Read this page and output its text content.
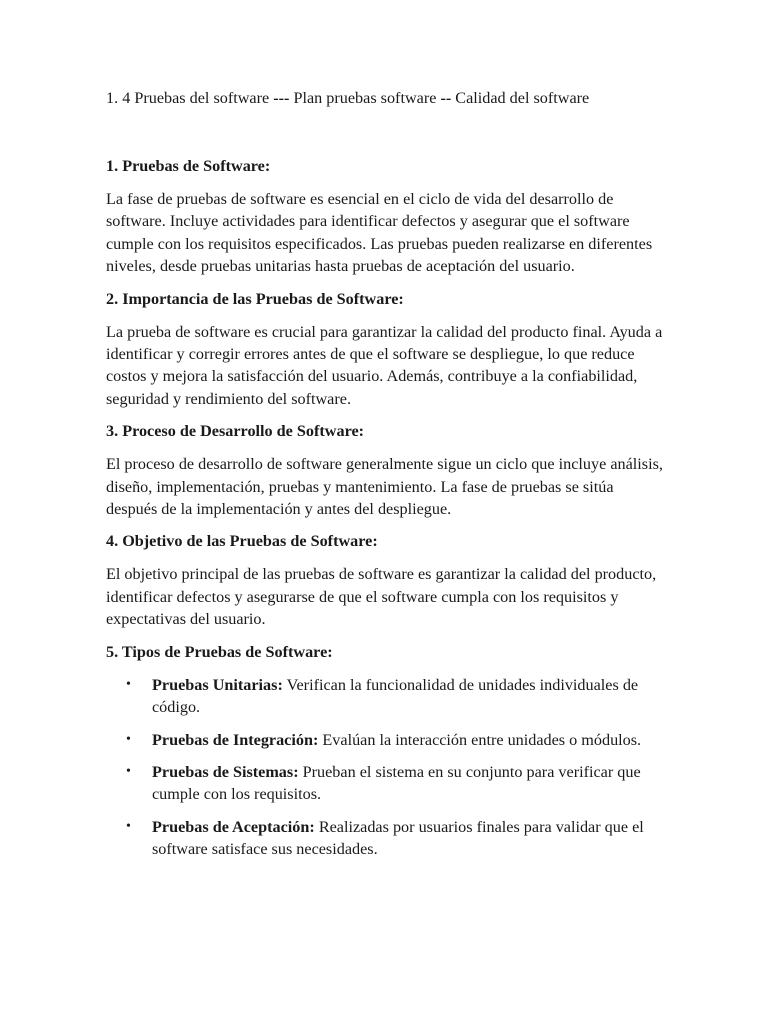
1. 4 Pruebas del software --- Plan pruebas software -- Calidad del software

1. Pruebas de Software:

La fase de pruebas de software es esencial en el ciclo de vida del desarrollo de software. Incluye actividades para identificar defectos y asegurar que el software cumple con los requisitos especificados. Las pruebas pueden realizarse en diferentes niveles, desde pruebas unitarias hasta pruebas de aceptación del usuario.

2. Importancia de las Pruebas de Software:

La prueba de software es crucial para garantizar la calidad del producto final. Ayuda a identificar y corregir errores antes de que el software se despliegue, lo que reduce costos y mejora la satisfacción del usuario. Además, contribuye a la confiabilidad, seguridad y rendimiento del software.

3. Proceso de Desarrollo de Software:

El proceso de desarrollo de software generalmente sigue un ciclo que incluye análisis, diseño, implementación, pruebas y mantenimiento. La fase de pruebas se sitúa después de la implementación y antes del despliegue.

4. Objetivo de las Pruebas de Software:

El objetivo principal de las pruebas de software es garantizar la calidad del producto, identificar defectos y asegurarse de que el software cumpla con los requisitos y expectativas del usuario.

5. Tipos de Pruebas de Software:
• Pruebas Unitarias: Verifican la funcionalidad de unidades individuales de código.
• Pruebas de Integración: Evalúan la interacción entre unidades o módulos.
• Pruebas de Sistemas: Prueban el sistema en su conjunto para verificar que cumple con los requisitos.
• Pruebas de Aceptación: Realizadas por usuarios finales para validar que el software satisface sus necesidades.
